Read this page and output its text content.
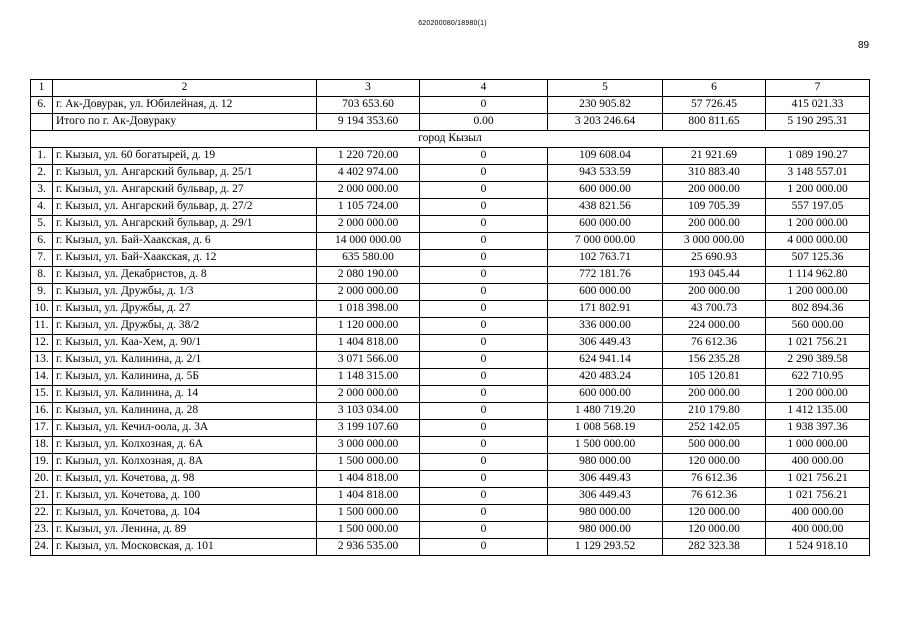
620200080/18980(1)
89
1	2	3	4	5	6	7
6.	г. Ак-Довурак, ул. Юбилейная, д. 12	703 653.60	0	230 905.82	57 726.45	415 021.33
	Итого по г. Ак-Довураку	9 194 353.60	0.00	3 203 246.64	800 811.65	5 190 295.31
город Кызыл						
1.	г. Кызыл, ул. 60 богатырей, д. 19	1 220 720.00	0	109 608.04	21 921.69	1 089 190.27
2.	г. Кызыл, ул. Ангарский бульвар, д. 25/1	4 402 974.00	0	943 533.59	310 883.40	3 148 557.01
3.	г. Кызыл, ул. Ангарский бульвар, д. 27	2 000 000.00	0	600 000.00	200 000.00	1 200 000.00
4.	г. Кызыл, ул. Ангарский бульвар, д. 27/2	1 105 724.00	0	438 821.56	109 705.39	557 197.05
5.	г. Кызыл, ул. Ангарский бульвар, д. 29/1	2 000 000.00	0	600 000.00	200 000.00	1 200 000.00
6.	г. Кызыл, ул. Бай-Хаакская, д. 6	14 000 000.00	0	7 000 000.00	3 000 000.00	4 000 000.00
7.	г. Кызыл, ул. Бай-Хаакская, д. 12	635 580.00	0	102 763.71	25 690.93	507 125.36
8.	г. Кызыл, ул. Декабристов, д. 8	2 080 190.00	0	772 181.76	193 045.44	1 114 962.80
9.	г. Кызыл, ул. Дружбы, д. 1/3	2 000 000.00	0	600 000.00	200 000.00	1 200 000.00
10.	г. Кызыл, ул. Дружбы, д. 27	1 018 398.00	0	171 802.91	43 700.73	802 894.36
11.	г. Кызыл, ул. Дружбы, д. 38/2	1 120 000.00	0	336 000.00	224 000.00	560 000.00
12.	г. Кызыл, ул. Каа-Хем, д. 90/1	1 404 818.00	0	306 449.43	76 612.36	1 021 756.21
13.	г. Кызыл, ул. Калинина, д. 2/1	3 071 566.00	0	624 941.14	156 235.28	2 290 389.58
14.	г. Кызыл, ул. Калинина, д. 5Б	1 148 315.00	0	420 483.24	105 120.81	622 710.95
15.	г. Кызыл, ул. Калинина, д. 14	2 000 000.00	0	600 000.00	200 000.00	1 200 000.00
16.	г. Кызыл, ул. Калинина, д. 28	3 103 034.00	0	1 480 719.20	210 179.80	1 412 135.00
17.	г. Кызыл, ул. Кечил-оола, д. 3А	3 199 107.60	0	1 008 568.19	252 142.05	1 938 397.36
18.	г. Кызыл, ул. Колхозная, д. 6А	3 000 000.00	0	1 500 000.00	500 000.00	1 000 000.00
19.	г. Кызыл, ул. Колхозная, д. 8А	1 500 000.00	0	980 000.00	120 000.00	400 000.00
20.	г. Кызыл, ул. Кочетова, д. 98	1 404 818.00	0	306 449.43	76 612.36	1 021 756.21
21.	г. Кызыл, ул. Кочетова, д. 100	1 404 818.00	0	306 449.43	76 612.36	1 021 756.21
22.	г. Кызыл, ул. Кочетова, д. 104	1 500 000.00	0	980 000.00	120 000.00	400 000.00
23.	г. Кызыл, ул. Ленина, д. 89	1 500 000.00	0	980 000.00	120 000.00	400 000.00
24.	г. Кызыл, ул. Московская, д. 101	2 936 535.00	0	1 129 293.52	282 323.38	1 524 918.10
